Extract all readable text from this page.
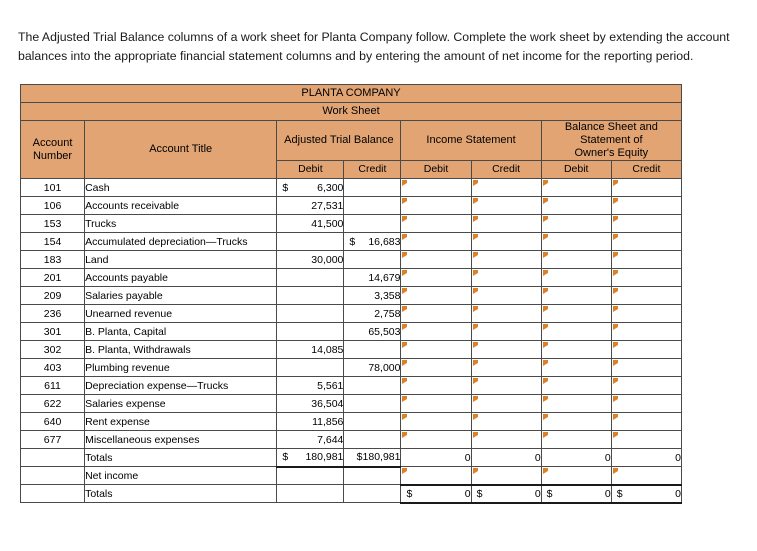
The Adjusted Trial Balance columns of a work sheet for Planta Company follow. Complete the work sheet by extending the account balances into the appropriate financial statement columns and by entering the amount of net income for the reporting period.
PLANTA COMPANY							
Work Sheet							
Account
Number	Account Title	Adjusted Trial Balance		Income Statement		Balance Sheet and
Statement of
Owner's Equity	
		Debit	Credit	Debit	Credit	Debit	Credit
101	Cash	$ 6,300		

106	Accounts receivable	27,531		

153	Trucks	41,500		

154	Accumulated depreciation—Trucks		$ 16,683	

183	Land	30,000		

201	Accounts payable		14,679	

209	Salaries payable		3,358	

236	Unearned revenue		2,758	

301	B. Planta, Capital		65,503	

302	B. Planta, Withdrawals	14,085		

403	Plumbing revenue		78,000	

611	Depreciation expense—Trucks	5,561		

622	Salaries expense	36,504		

640	Rent expense	11,856		

677	Miscellaneous expenses	7,644		

	Totals	$ 180,981	$180,981	0	0	0	0
	Net income			

	Totals			$ 0	$ 0	$ 0	$ 0
